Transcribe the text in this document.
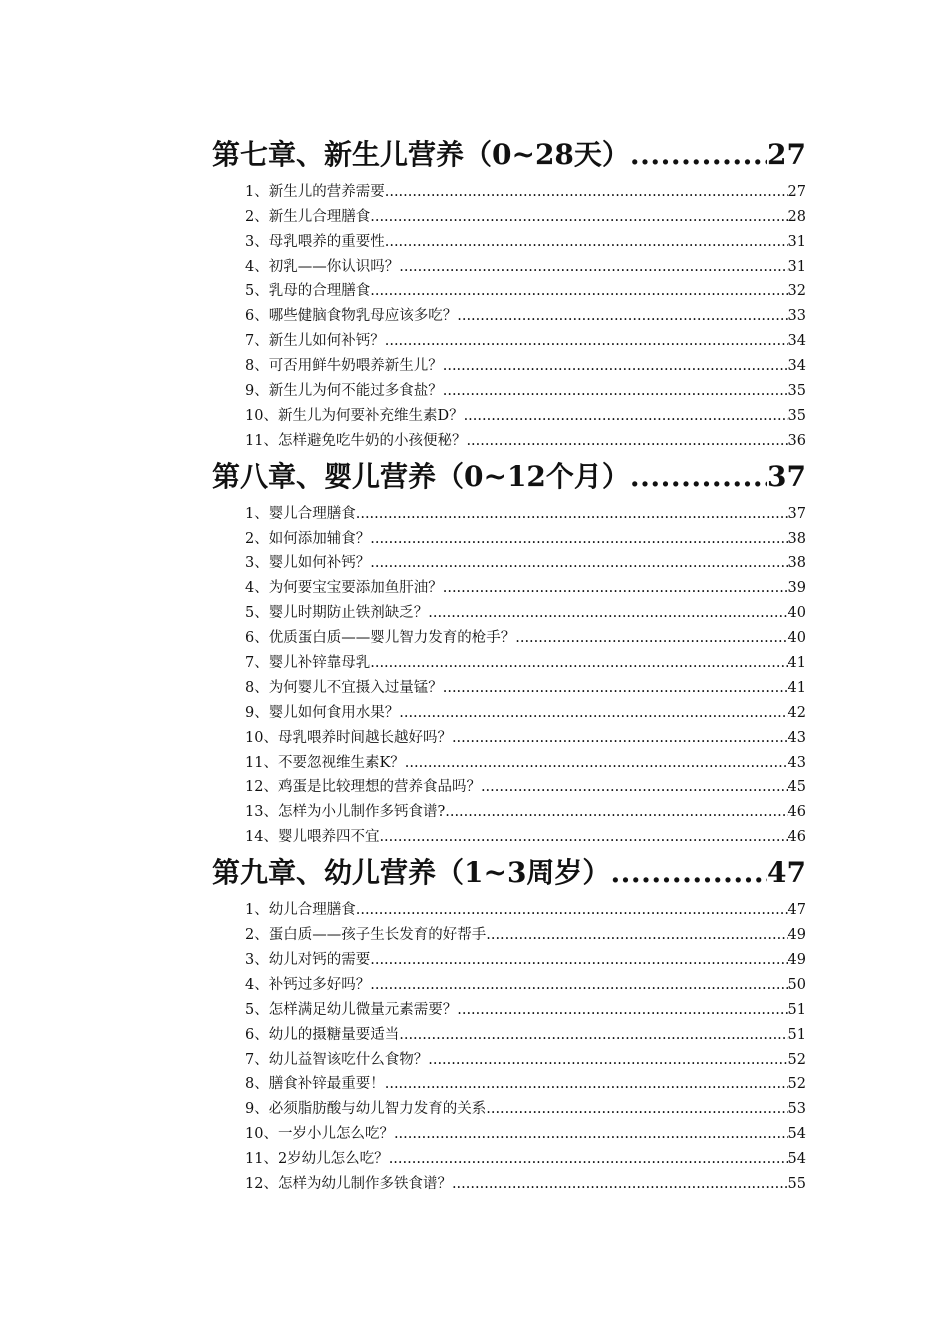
第七章、新生儿营养（0~28天） .....	27
1、新生儿的营养需要 .....	27
2、新生儿合理膳食 .....	28
3、母乳喂养的重要性 .....	31
4、初乳——你认识吗？ .....	31
5、乳母的合理膳食 .....	32
6、哪些健脑食物乳母应该多吃？ .....	33
7、新生儿如何补钙？ .....	34
8、可否用鲜牛奶喂养新生儿？ .....	34
9、新生儿为何不能过多食盐？ .....	35
10、新生儿为何要补充维生素D？ .....	35
11、怎样避免吃牛奶的小孩便秘？ .....	36
第八章、婴儿营养（0~12个月） .....	37
1、婴儿合理膳食 .....	37
2、如何添加辅食？ .....	38
3、婴儿如何补钙？ .....	38
4、为何要宝宝要添加鱼肝油？ .....	39
5、婴儿时期防止铁剂缺乏？ .....	40
6、优质蛋白质——婴儿智力发育的枪手？ .....	40
7、婴儿补锌靠母乳 .....	41
8、为何婴儿不宜摄入过量锰？ .....	41
9、婴儿如何食用水果？ .....	42
10、母乳喂养时间越长越好吗？ .....	43
11、不要忽视维生素K？ .....	43
12、鸡蛋是比较理想的营养食品吗？ .....	45
13、怎样为小儿制作多钙食谱? .....	46
14、婴儿喂养四不宜 .....	46
第九章、幼儿营养（1~3周岁） .....	47
1、幼儿合理膳食 .....	47
2、蛋白质——孩子生长发育的好帮手 .....	49
3、幼儿对钙的需要 .....	49
4、补钙过多好吗？ .....	50
5、怎样满足幼儿微量元素需要？ .....	51
6、幼儿的摄糖量要适当 .....	51
7、幼儿益智该吃什么食物？ .....	52
8、膳食补锌最重要！ .....	52
9、必须脂肪酸与幼儿智力发育的关系 .....	53
10、一岁小儿怎么吃？ .....	54
11、2岁幼儿怎么吃？ .....	54
12、怎样为幼儿制作多铁食谱？ .....	55
